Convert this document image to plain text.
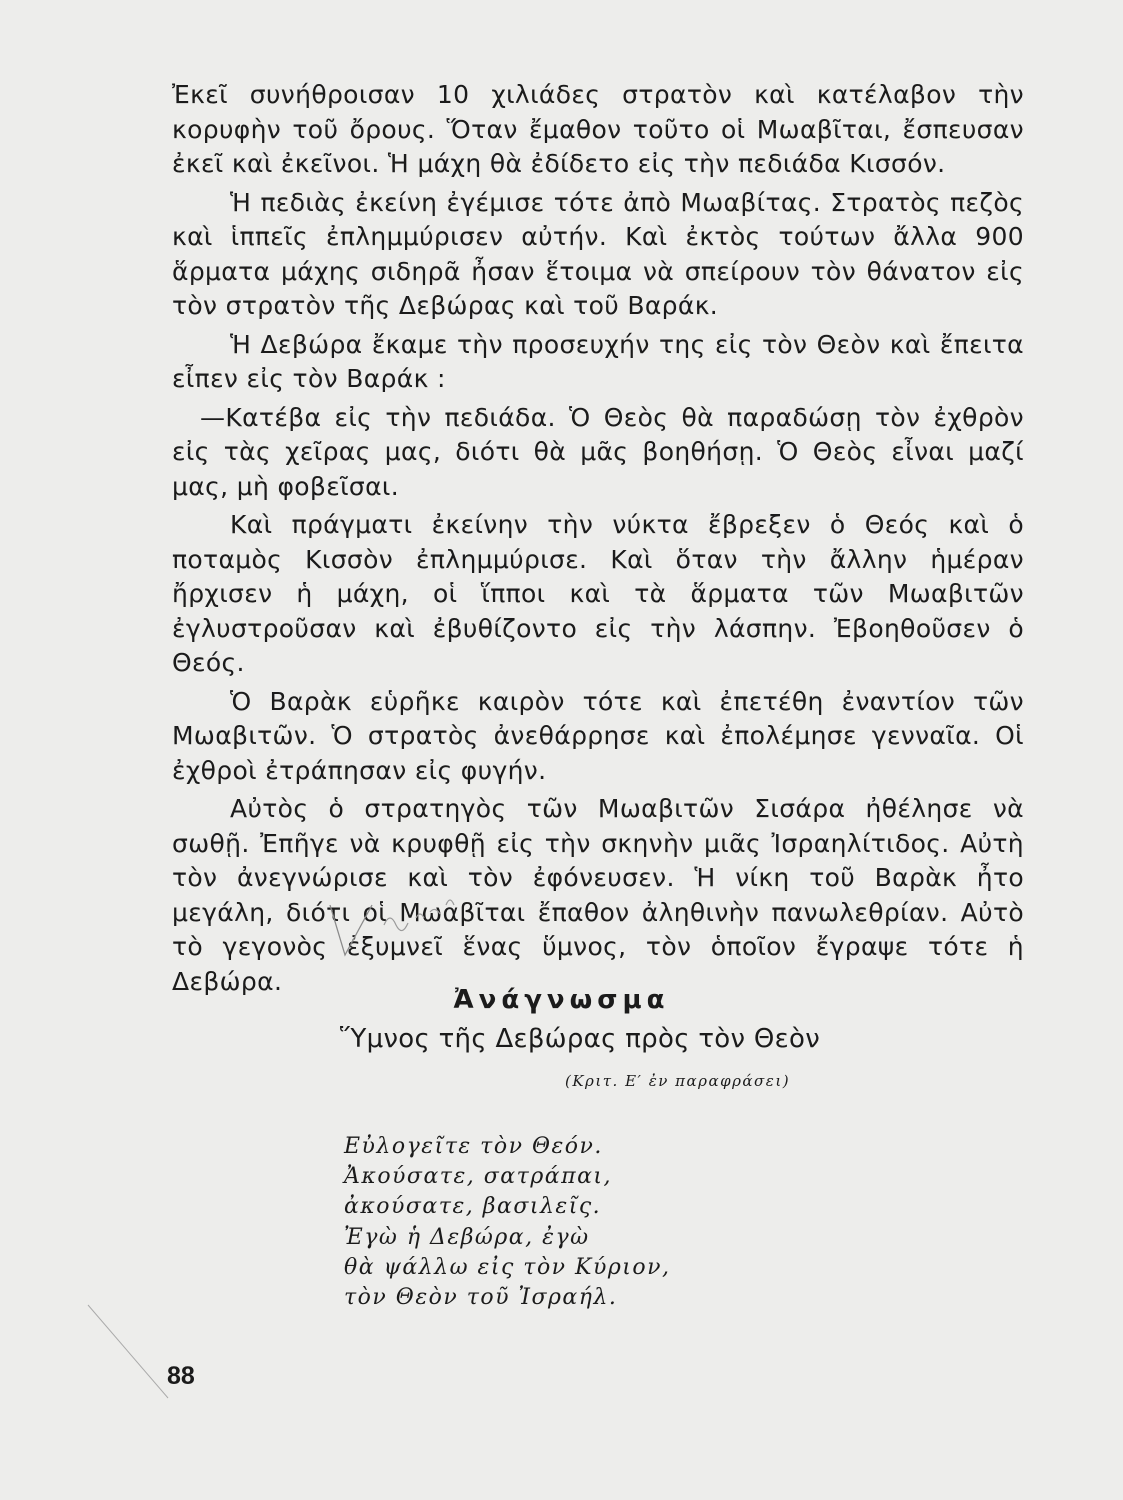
Ἐκεῖ συνήθροισαν 10 χιλιάδες στρατὸν καὶ κατέλαβον τὴν κορυφὴν τοῦ ὄρους. Ὅταν ἔμαθον τοῦτο οἱ Μωαβῖται, ἔσπευσαν ἐκεῖ καὶ ἐκεῖνοι. Ἡ μάχη θὰ ἐδίδετο εἰς τὴν πεδιάδα Κισσόν.

Ἡ πεδιὰς ἐκείνη ἐγέμισε τότε ἀπὸ Μωαβίτας. Στρατὸς πεζὸς καὶ ἱππεῖς ἐπλημμύρισεν αὐτήν. Καὶ ἐκτὸς τούτων ἄλλα 900 ἅρματα μάχης σιδηρᾶ ἦσαν ἕτοιμα νὰ σπείρουν τὸν θάνατον εἰς τὸν στρατὸν τῆς Δεβώρας καὶ τοῦ Βαράκ.

Ἡ Δεβώρα ἔκαμε τὴν προσευχήν της εἰς τὸν Θεὸν καὶ ἔπειτα εἶπεν εἰς τὸν Βαράκ :

—Κατέβα εἰς τὴν πεδιάδα. Ὁ Θεὸς θὰ παραδώσῃ τὸν ἐχθρὸν εἰς τὰς χεῖρας μας, διότι θὰ μᾶς βοηθήσῃ. Ὁ Θεὸς εἶναι μαζί μας, μὴ φοβεῖσαι.

Καὶ πράγματι ἐκείνην τὴν νύκτα ἔβρεξεν ὁ Θεός καὶ ὁ ποταμὸς Κισσὸν ἐπλημμύρισε. Καὶ ὅταν τὴν ἄλλην ἡμέραν ἤρχισεν ἡ μάχη, οἱ ἵπποι καὶ τὰ ἅρματα τῶν Μωαβιτῶν ἐγλυστροῦσαν καὶ ἐβυθίζοντο εἰς τὴν λάσπην. Ἐβοηθοῦσεν ὁ Θεός.

Ὁ Βαρὰκ εὑρῆκε καιρὸν τότε καὶ ἐπετέθη ἐναντίον τῶν Μωαβιτῶν. Ὁ στρατὸς ἀνεθάρρησε καὶ ἐπολέμησε γενναῖα. Οἱ ἐχθροὶ ἐτράπησαν εἰς φυγήν.

Αὐτὸς ὁ στρατηγὸς τῶν Μωαβιτῶν Σισάρα ἠθέλησε νὰ σωθῇ. Ἐπῆγε νὰ κρυφθῇ εἰς τὴν σκηνὴν μιᾶς Ἰσραηλίτιδος. Αὐτὴ τὸν ἀνεγνώρισε καὶ τὸν ἐφόνευσεν. Ἡ νίκη τοῦ Βαρὰκ ἦτο μεγάλη, διότι οἱ Μωαβῖται ἔπαθον ἀληθινὴν πανωλεθρίαν. Αὐτὸ τὸ γεγονὸς ἐξυμνεῖ ἕνας ὕμνος, τὸν ὁποῖον ἔγραψε τότε ἡ Δεβώρα.

Ἀνάγνωσμα
Ὕμνος τῆς Δεβώρας πρὸς τὸν Θεὸν
(Κριτ. Ε′ ἐν παραφράσει)
Εὐλογεῖτε τὸν Θεόν.
Ἀκούσατε, σατράπαι,
ἀκούσατε, βασιλεῖς.
Ἐγὼ ἡ Δεβώρα, ἐγὼ
θὰ ψάλλω εἰς τὸν Κύριον,
τὸν Θεὸν τοῦ Ἰσραήλ.
88
